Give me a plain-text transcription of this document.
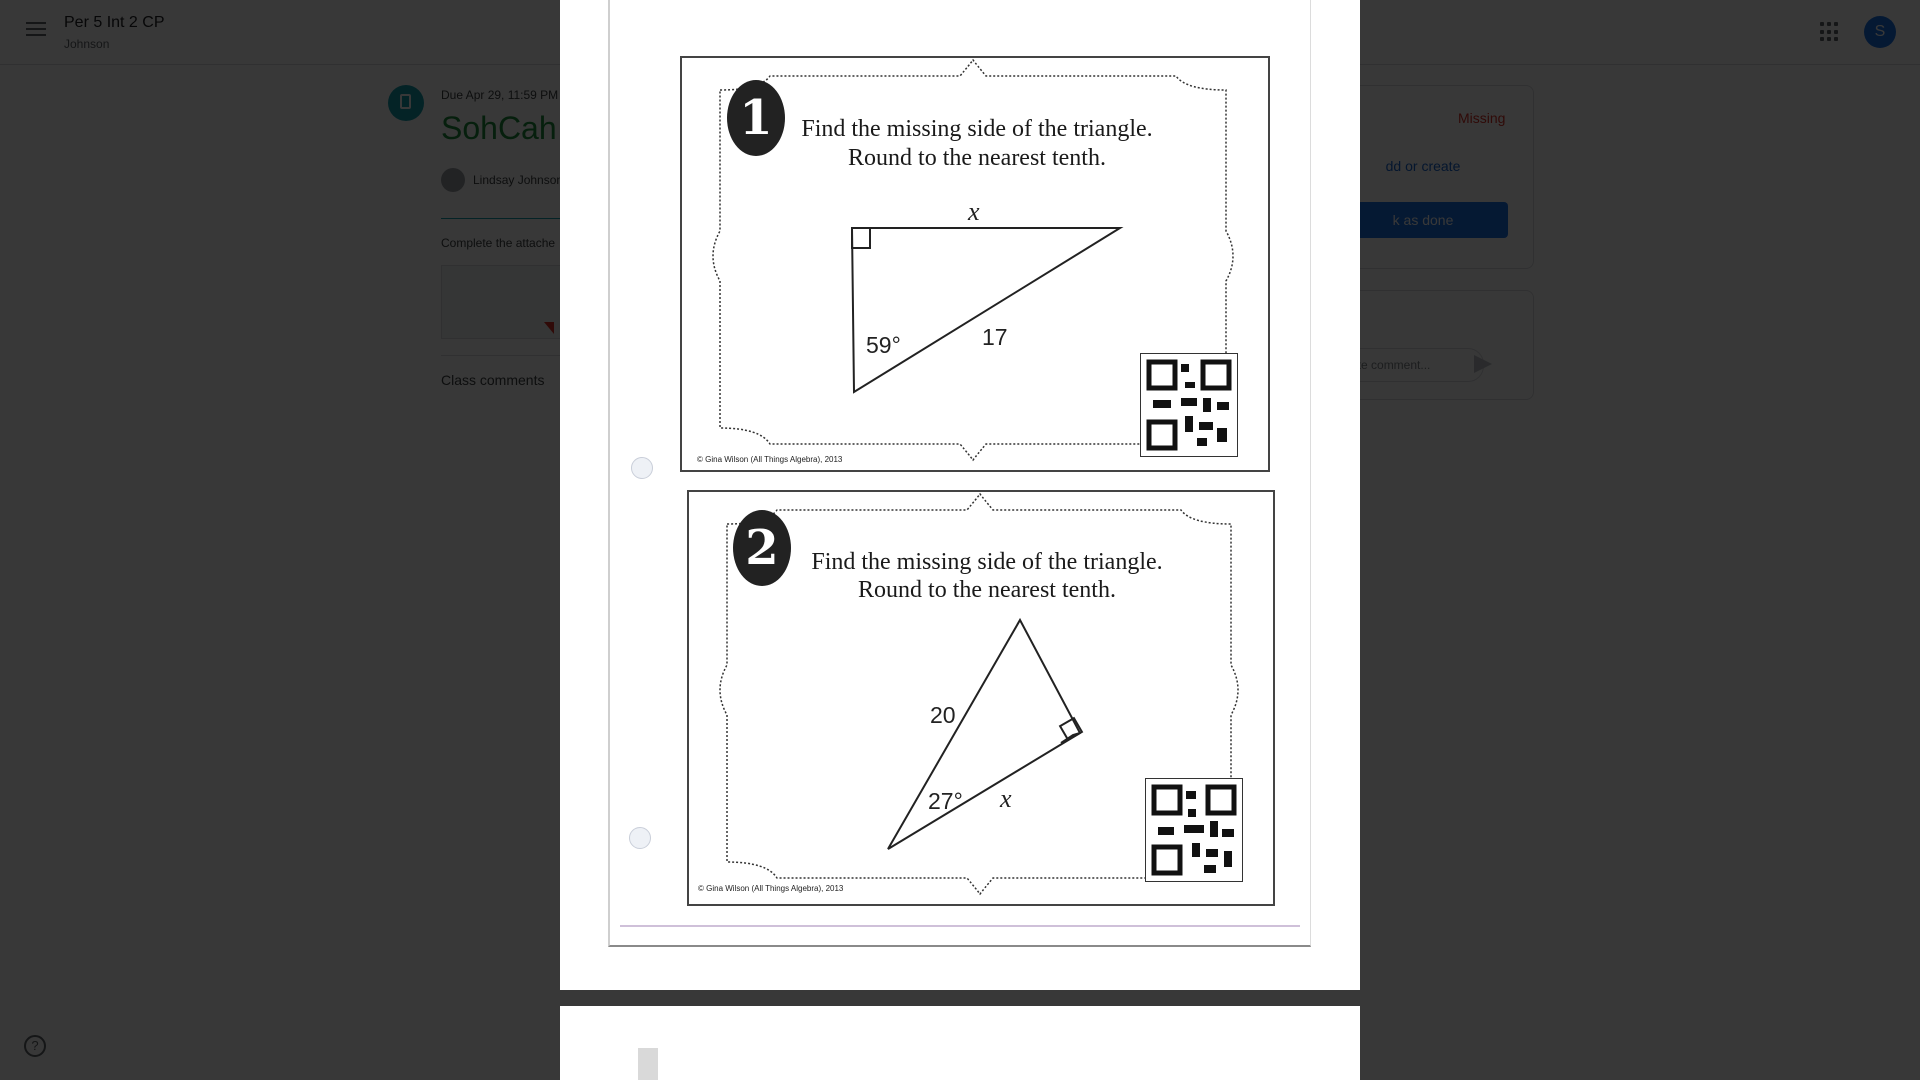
1	Find the missing side of the triangle.
Round to the nearest tenth.
x
59°	17
© Gina Wilson (All Things Algebra), 2013
2	Find the missing side of the triangle.
Round to the nearest tenth.
20
27° x
© Gina Wilson (All Things Algebra), 2013
